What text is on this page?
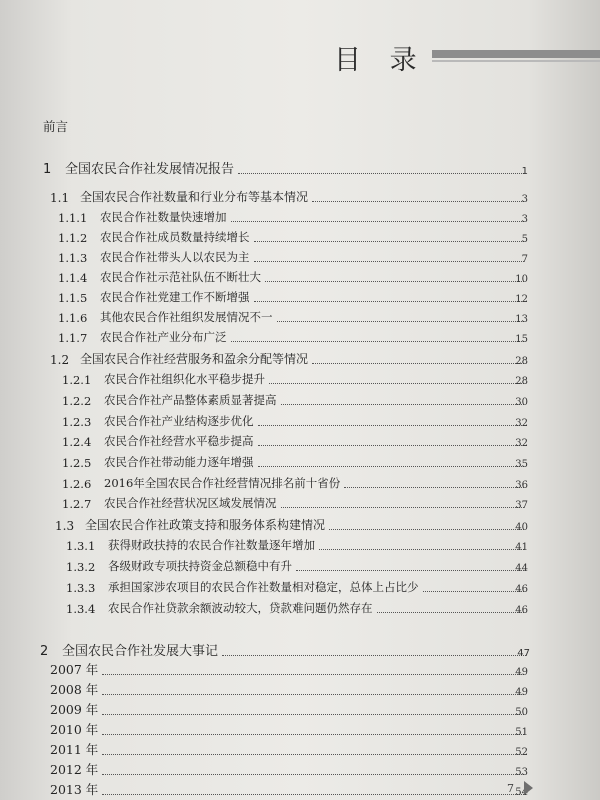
目 录
前言
1	全国农民合作社发展情况报告	1
1.1 全国农民合作社数量和行业分布等基本情况	3
1.1.1	农民合作社数量快速增加	3
1.1.2	农民合作社成员数量持续增长	5
1.1.3	农民合作社带头人以农民为主	7
1.1.4	农民合作社示范社队伍不断壮大	10
1.1.5	农民合作社党建工作不断增强	12
1.1.6	其他农民合作社组织发展情况不一	13
1.1.7	农民合作社产业分布广泛	15
1.2 全国农民合作社经营服务和盈余分配等情况	28
1.2.1	农民合作社组织化水平稳步提升	28
1.2.2	农民合作社产品整体素质显著提高	30
1.2.3	农民合作社产业结构逐步优化	32
1.2.4	农民合作社经营水平稳步提高	32
1.2.5	农民合作社带动能力逐年增强	35
1.2.6	2016年全国农民合作社经营情况排名前十省份	36
1.2.7	农民合作社经营状况区域发展情况	37
1.3 全国农民合作社政策支持和服务体系构建情况	40
1.3.1	获得财政扶持的农民合作社数量逐年增加	41
1.3.2	各级财政专项扶持资金总额稳中有升	44
1.3.3	承担国家涉农项目的农民合作社数量相对稳定，总体上占比少	46
1.3.4	农民合作社贷款余额波动较大，贷款难问题仍然存在	46
2	全国农民合作社发展大事记	47
2007 年	49
2008 年	49
2009 年	50
2010 年	51
2011 年	52
2012 年	53
2013 年	54
7
